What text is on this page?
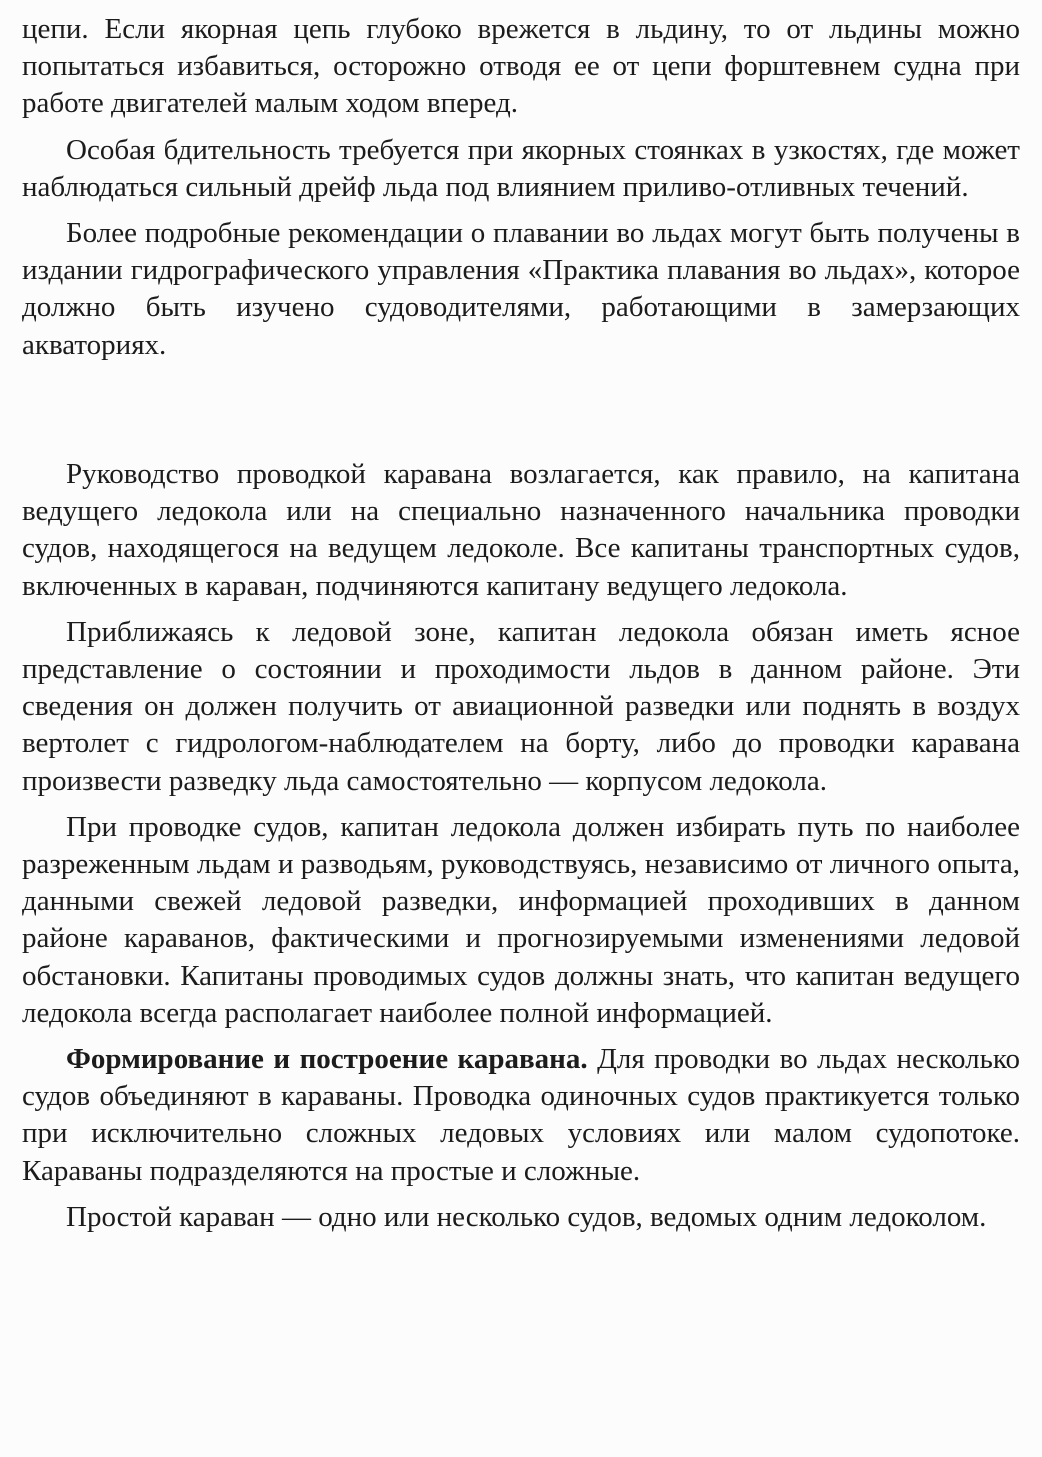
цепи. Если якорная цепь глубоко врежется в льдину, то от льдины можно попытаться избавиться, осторожно отводя ее от цепи форштевнем судна при работе двигателей малым ходом вперед.

Особая бдительность требуется при якорных стоянках в узкостях, где может наблюдаться сильный дрейф льда под влиянием приливо-отливных течений.

Более подробные рекомендации о плавании во льдах могут быть получены в издании гидрографического управления «Практика плавания во льдах», которое должно быть изучено судоводителями, работающими в замерзающих акваториях.

Руководство проводкой каравана возлагается, как правило, на капитана ведущего ледокола или на специально назначенного начальника проводки судов, находящегося на ведущем ледоколе. Все капитаны транспортных судов, включенных в караван, подчиняются капитану ведущего ледокола.

Приближаясь к ледовой зоне, капитан ледокола обязан иметь ясное представление о состоянии и проходимости льдов в данном районе. Эти сведения он должен получить от авиационной разведки или поднять в воздух вертолет с гидрологом-наблюдателем на борту, либо до проводки каравана произвести разведку льда самостоятельно — корпусом ледокола.

При проводке судов, капитан ледокола должен избирать путь по наиболее разреженным льдам и разводьям, руководствуясь, независимо от личного опыта, данными свежей ледовой разведки, информацией проходивших в данном районе караванов, фактическими и прогнозируемыми изменениями ледовой обстановки. Капитаны проводимых судов должны знать, что капитан ведущего ледокола всегда располагает наиболее полной информацией.

Формирование и построение каравана. Для проводки во льдах несколько судов объединяют в караваны. Проводка одиночных судов практикуется только при исключительно сложных ледовых условиях или малом судопотоке. Караваны подразделяются на простые и сложные.

Простой караван — одно или несколько судов, ведомых одним ледоколом.
